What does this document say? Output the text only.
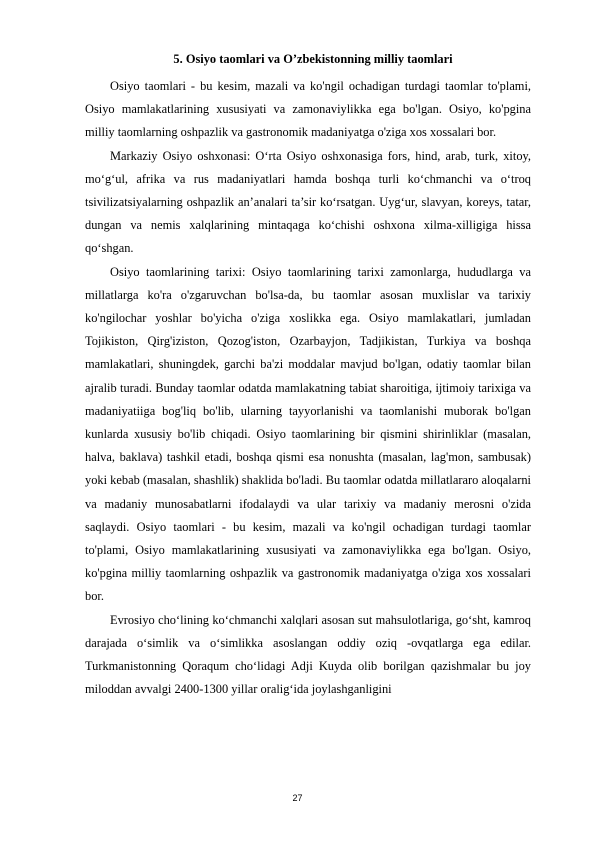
5. Osiyo taomlari va O’zbekistonning milliy taomlari

Osiyo taomlari - bu kesim, mazali va ko'ngil ochadigan turdagi taomlar to'plami, Osiyo mamlakatlarining xususiyati va zamonaviylikka ega bo'lgan. Osiyo, ko'pgina milliy taomlarning oshpazlik va gastronomik madaniyatga o'ziga xos xossalari bor.

Markaziy Osiyo oshxonasi: O‘rta Osiyo oshxonasiga fors, hind, arab, turk, xitoy, mo‘g‘ul, afrika va rus madaniyatlari hamda boshqa turli ko‘chmanchi va o‘troq tsivilizatsiyalarning oshpazlik an’analari ta’sir ko‘rsatgan. Uyg‘ur, slavyan, koreys, tatar, dungan va nemis xalqlarining mintaqaga ko‘chishi oshxona xilma-xilligiga hissa qo‘shgan.

Osiyo taomlarining tarixi: Osiyo taomlarining tarixi zamonlarga, hududlarga va millatlarga ko'ra o'zgaruvchan bo'lsa-da, bu taomlar asosan muxlislar va tarixiy ko'ngilochar yoshlar bo'yicha o'ziga xoslikka ega. Osiyo mamlakatlari, jumladan Tojikiston, Qirg'iziston, Qozog'iston, Ozarbayjon, Tadjikistan, Turkiya va boshqa mamlakatlari, shuningdek, garchi ba'zi moddalar mavjud bo'lgan, odatiy taomlar bilan ajralib turadi. Bunday taomlar odatda mamlakatning tabiat sharoitiga, ijtimoiy tarixiga va madaniyatiiga bog'liq bo'lib, ularning tayyorlanishi va taomlanishi muborak bo'lgan kunlarda xususiy bo'lib chiqadi. Osiyo taomlarining bir qismini shirinliklar (masalan, halva, baklava) tashkil etadi, boshqa qismi esa nonushta (masalan, lag'mon, sambusak) yoki kebab (masalan, shashlik) shaklida bo'ladi. Bu taomlar odatda millatlararo aloqalarni va madaniy munosabatlarni ifodalaydi va ular tarixiy va madaniy merosni o'zida saqlaydi. Osiyo taomlari - bu kesim, mazali va ko'ngil ochadigan turdagi taomlar to'plami, Osiyo mamlakatlarining xususiyati va zamonaviylikka ega bo'lgan. Osiyo, ko'pgina milliy taomlarning oshpazlik va gastronomik madaniyatga o'ziga xos xossalari bor.

Evrosiyo cho‘lining ko‘chmanchi xalqlari asosan sut mahsulotlariga, go‘sht, kamroq darajada o‘simlik va o‘simlikka asoslangan oddiy oziq -ovqatlarga ega edilar. Turkmanistonning Qoraqum cho‘lidagi Adji Kuyda olib borilgan qazishmalar bu joy miloddan avvalgi 2400-1300 yillar oralig‘ida joylashganligini

27
